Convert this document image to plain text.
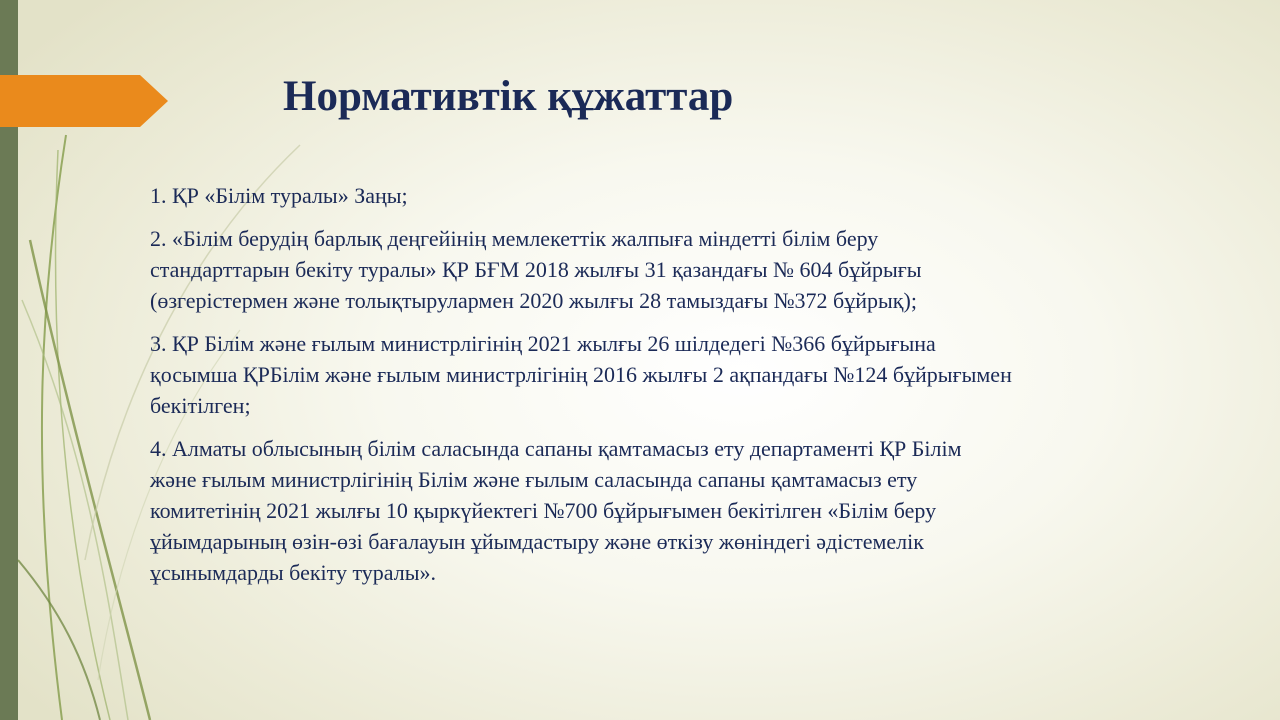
Нормативтік құжаттар

1. ҚР «Білім туралы» Заңы;

2. «Білім берудің барлық деңгейінің мемлекеттік жалпыға міндетті білім беру
стандарттарын бекіту туралы» ҚР БҒМ 2018 жылғы 31 қазандағы № 604 бұйрығы
(өзгерістермен және толықтырулармен 2020 жылғы 28 тамыздағы №372 бұйрық);

3. ҚР Білім және ғылым министрлігінің 2021 жылғы 26 шілдедегі №366 бұйрығына
қосымша ҚРБілім және ғылым министрлігінің 2016 жылғы 2 ақпандағы №124 бұйрығымен
бекітілген;

4. Алматы облысының білім саласында сапаны қамтамасыз ету департаменті ҚР Білім
және ғылым министрлігінің Білім және ғылым саласында сапаны қамтамасыз ету
комитетінің 2021 жылғы 10 қыркүйектегі №700 бұйрығымен бекітілген «Білім беру
ұйымдарының өзін-өзі бағалауын ұйымдастыру және өткізу жөніндегі әдістемелік
ұсынымдарды бекіту туралы».
